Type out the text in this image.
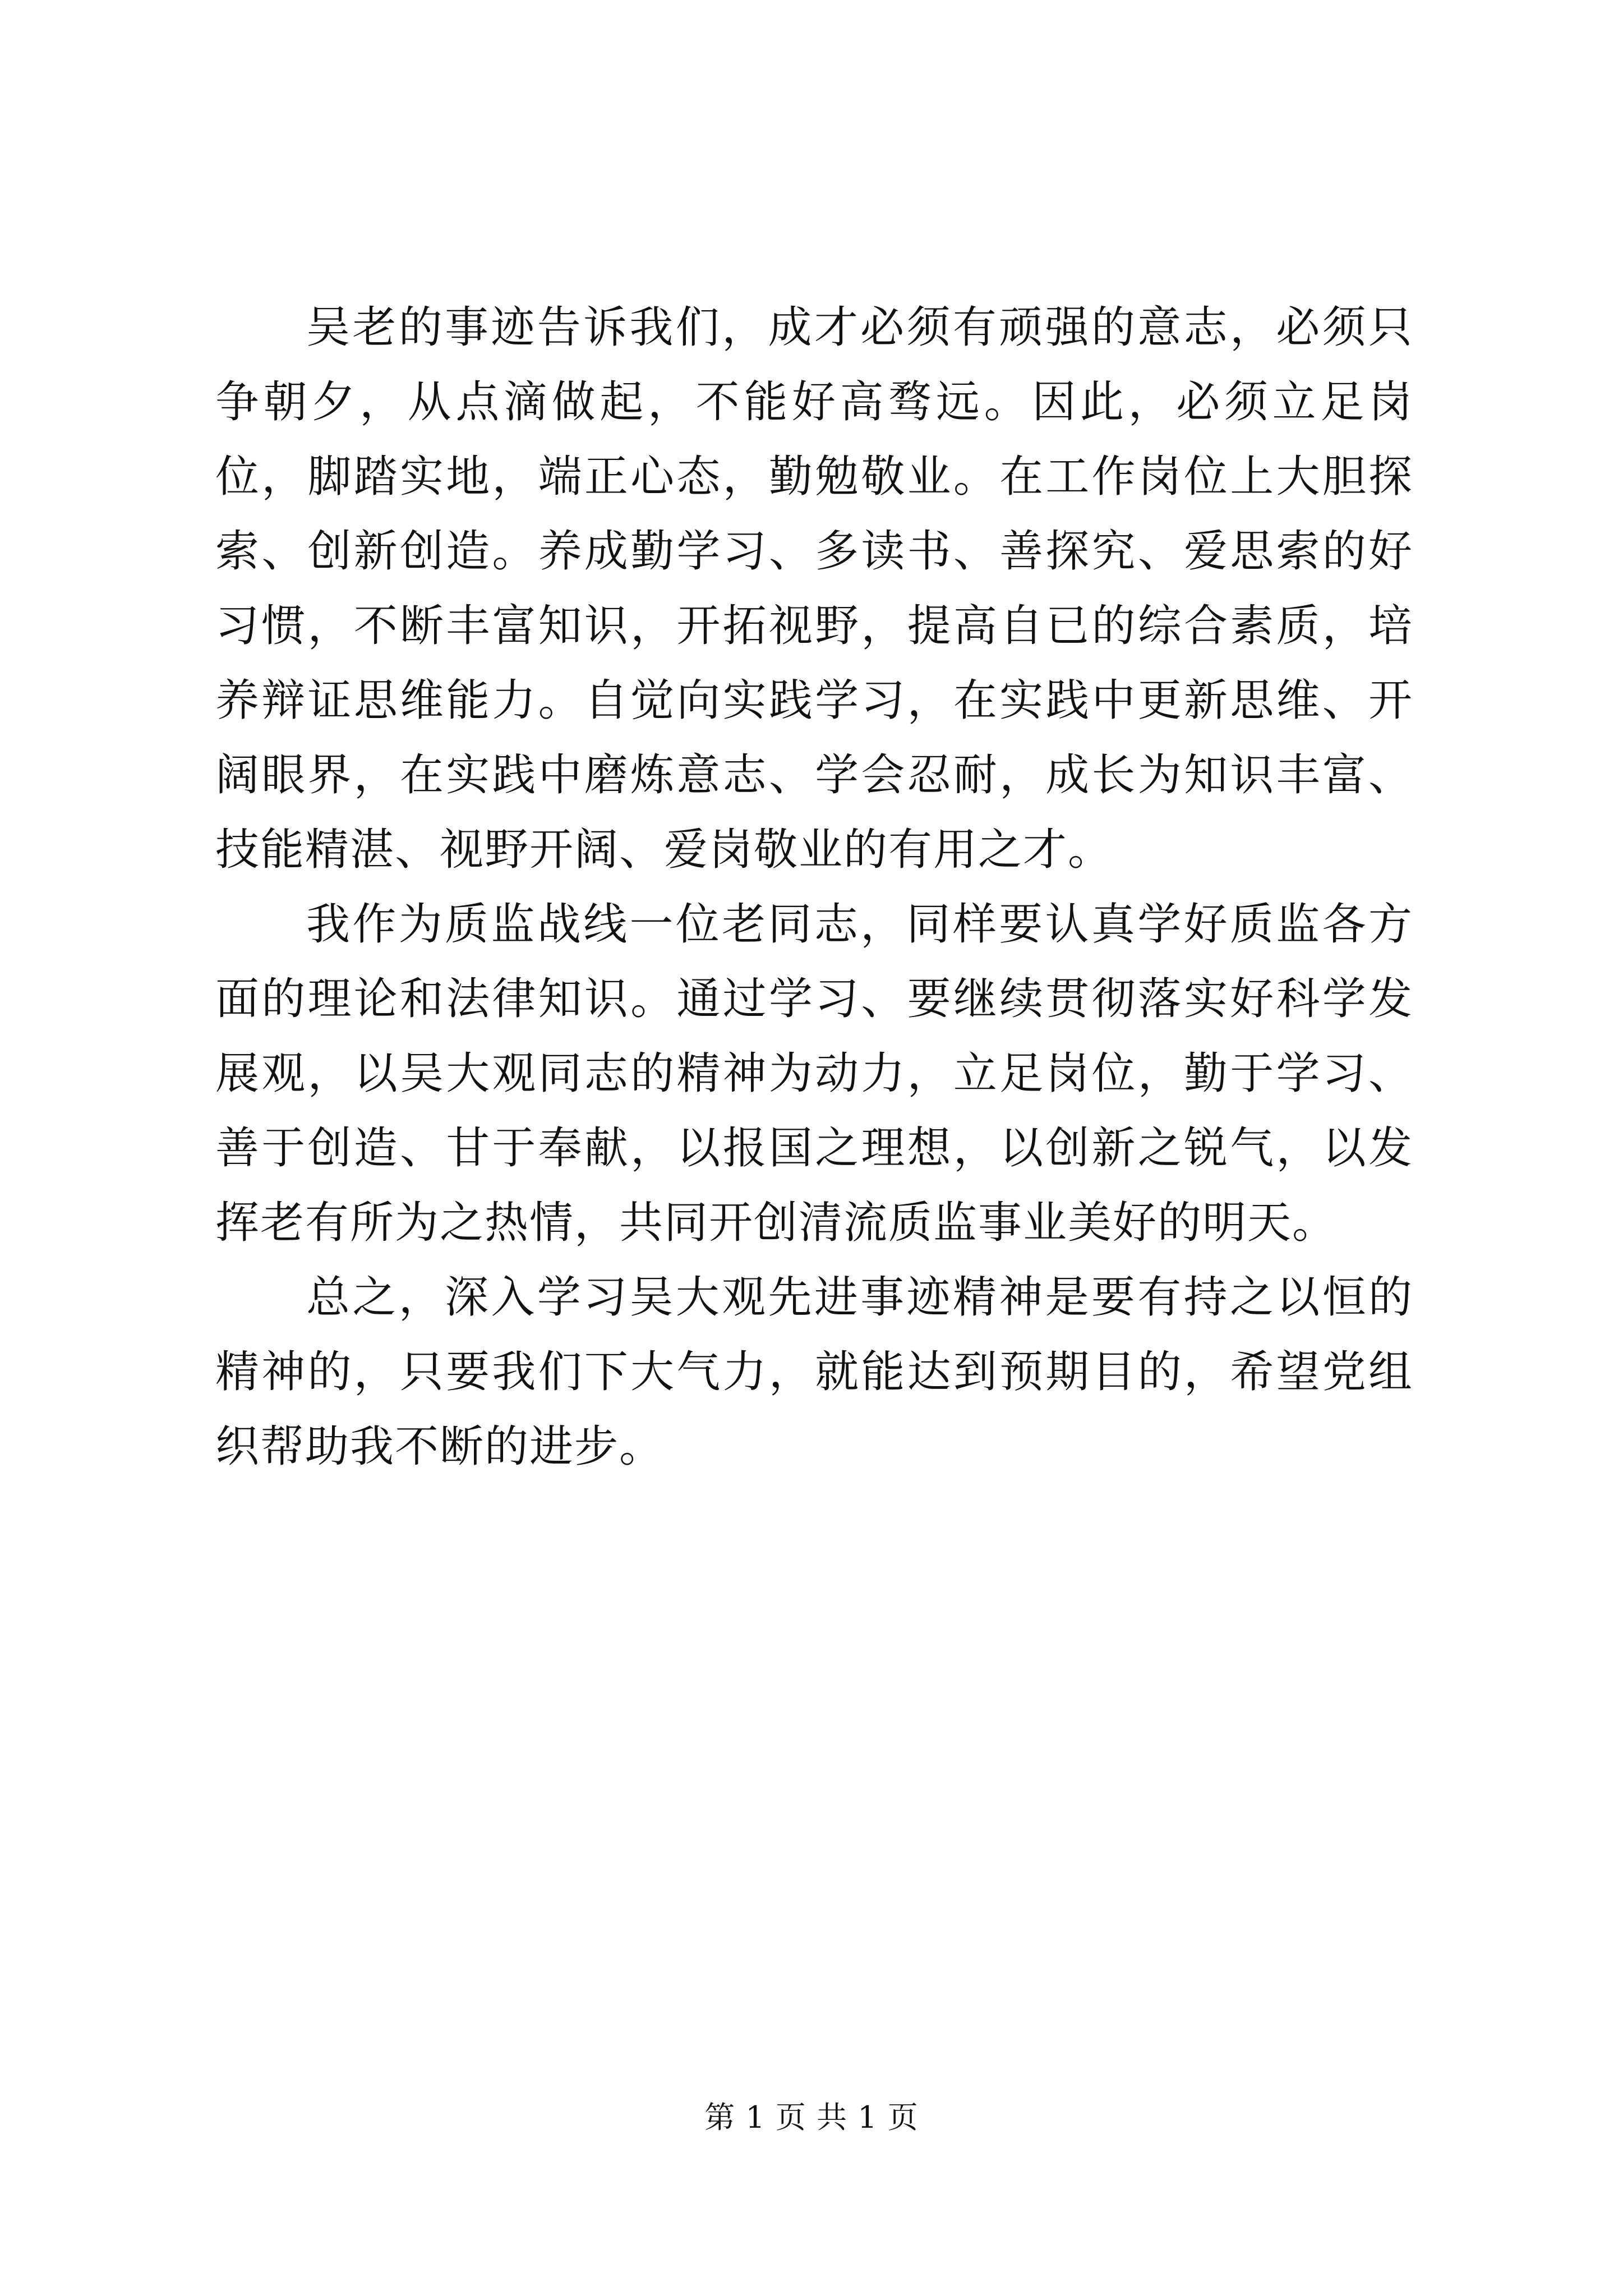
吴老的事迹告诉我们，成才必须有顽强的意志，必须只争朝夕，从点滴做起，不能好高骛远。因此，必须立足岗位，脚踏实地，端正心态，勤勉敬业。在工作岗位上大胆探索、创新创造。养成勤学习、多读书、善探究、爱思索的好习惯，不断丰富知识，开拓视野，提高自已的综合素质，培养辩证思维能力。自觉向实践学习，在实践中更新思维、开阔眼界，在实践中磨炼意志、学会忍耐，成长为知识丰富、技能精湛、视野开阔、爱岗敬业的有用之才。

我作为质监战线一位老同志，同样要认真学好质监各方面的理论和法律知识。通过学习、要继续贯彻落实好科学发展观，以吴大观同志的精神为动力，立足岗位，勤于学习、善于创造、甘于奉献，以报国之理想，以创新之锐气，以发挥老有所为之热情，共同开创清流质监事业美好的明天。

总之，深入学习吴大观先进事迹精神是要有持之以恒的精神的，只要我们下大气力，就能达到预期目的，希望党组织帮助我不断的进步。

第 1 页 共 1 页
